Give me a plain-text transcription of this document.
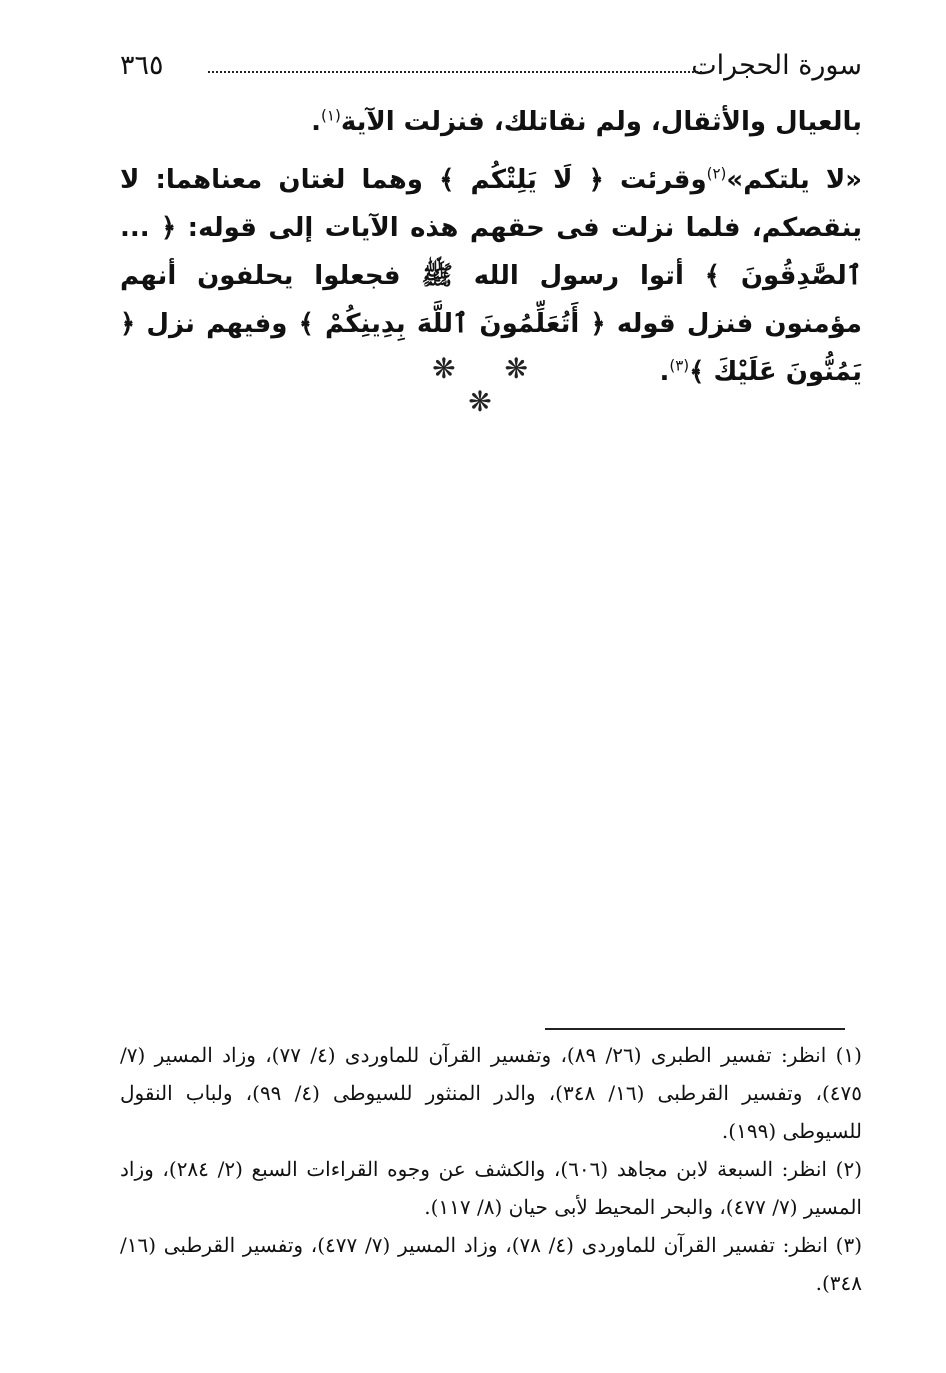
سورة الحجرات
٣٦٥

بالعيال والأثقال، ولم نقاتلك، فنزلت الآية$^{(١)}$.

«لا يلتكم»$^{(٢)}$وقرئت ﴿ لَا يَلِتْكُم ﴾ وهما لغتان معناهما: لا ينقصكم، فلما نزلت فى حقهم هذه الآيات إلى قوله: ﴿ ... ٱلصَّٰدِقُونَ ﴾ أتوا رسول الله ﷺ فجعلوا يحلفون أنهم مؤمنون فنزل قوله ﴿ أَتُعَلِّمُونَ ٱللَّهَ بِدِينِكُمْ ﴾ وفيهم نزل ﴿ يَمُنُّونَ عَلَيْكَ ﴾$^{(٣)}$.

❋ ❋ ❋

(١) انظر: تفسير الطبرى (٢٦/ ٨٩)، وتفسير القرآن للماوردى (٤/ ٧٧)، وزاد المسير (٧/ ٤٧٥)، وتفسير القرطبى (١٦/ ٣٤٨)، والدر المنثور للسيوطى (٤/ ٩٩)، ولباب النقول للسيوطى (١٩٩).

(٢) انظر: السبعة لابن مجاهد (٦٠٦)، والكشف عن وجوه القراءات السبع (٢/ ٢٨٤)، وزاد المسير (٧/ ٤٧٧)، والبحر المحيط لأبى حيان (٨/ ١١٧).

(٣) انظر: تفسير القرآن للماوردى (٤/ ٧٨)، وزاد المسير (٧/ ٤٧٧)، وتفسير القرطبى (١٦/ ٣٤٨).
